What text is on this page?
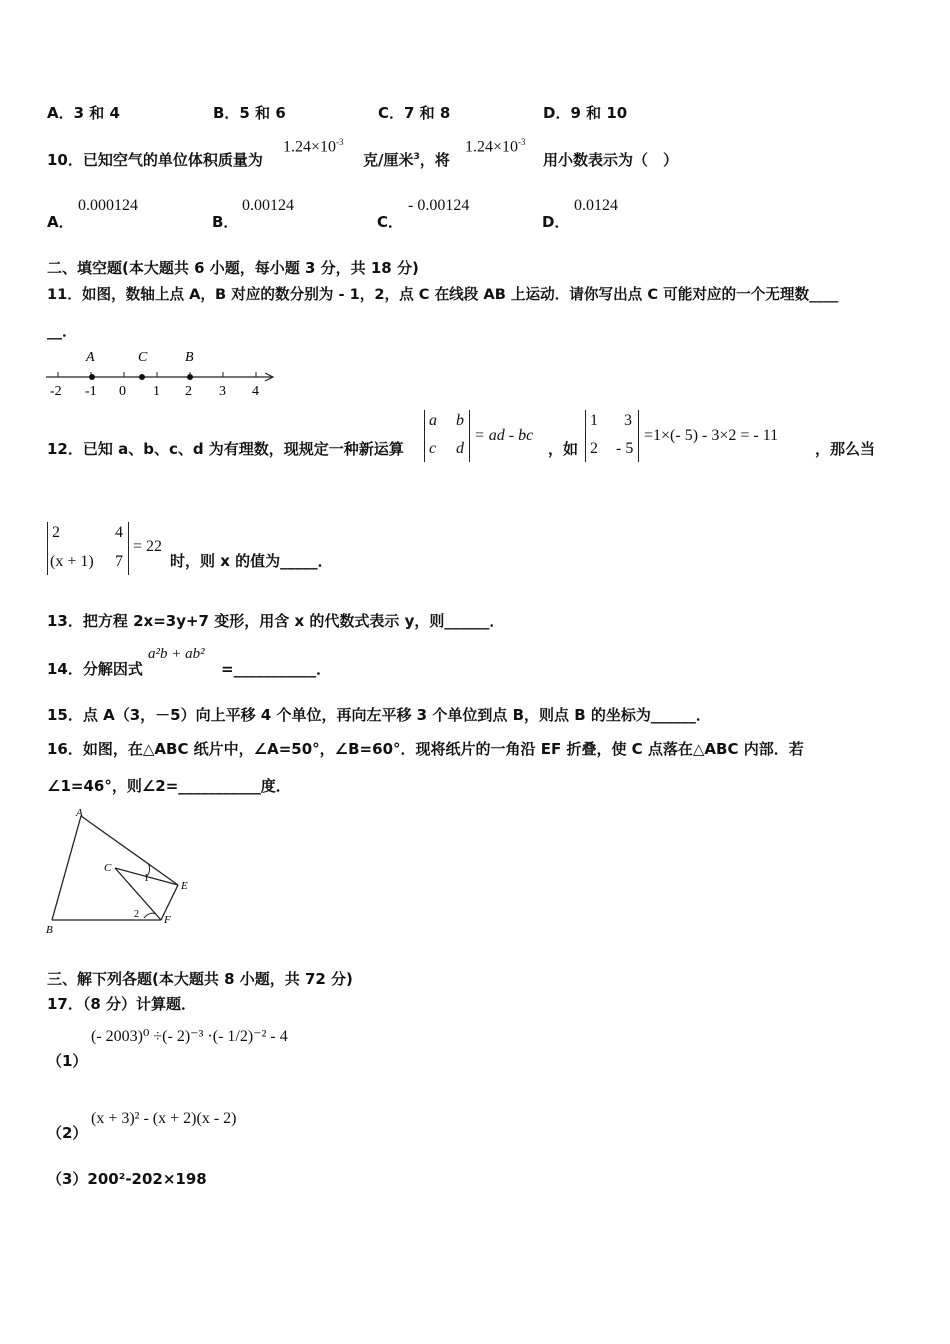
A．3 和 4	B．5 和 6	C．7 和 8	D．9 和 10
10．已知空气的单位体积质量为
$1.24\times 10^{-3}$
克/厘米$^3$，将
$1.24\times 10^{-3}$
用小数表示为（　）
A．
0.000124
B．
0.00124
C．
- 0.00124
D．
0.0124
二、填空题(本大题共 6 小题，每小题 3 分，共 18 分)
11．如图，数轴上点 A，B 对应的数分别为 - 1，2，点 C 在线段 AB 上运动．请你写出点 C 可能对应的一个无理数____
__．
A	C	B
-2 -1 0 1 2 3 4
12．已知 a、b、c、d 为有理数，现规定一种新运算
a b
c d
= ad - bc
，如
1 3
2 - 5
=1×(- 5) - 3×2 = - 11
，那么当
2	4
(x + 1) 7
= 22
时，则 x 的值为_____．
13．把方程 2x=3y+7 变形，用含 x 的代数式表示 y，则______．
14．分解因式
a²b + ab²
=___________．
15．点 A（3，－5）向上平移 4 个单位，再向左平移 3 个单位到点 B，则点 B 的坐标为______．
16．如图，在△ABC 纸片中，∠A=50°，∠B=60°．现将纸片的一角沿 EF 折叠，使 C 点落在△ABC 内部．若
∠1=46°，则∠2=___________度．
A
B
C
E
F
1
2
三、解下列各题(本大题共 8 小题，共 72 分)
17．（8 分）计算题．
（1）
(- 2003)⁰ ÷(- 2)⁻³ ·(- 1/2)⁻² - 4
（2）
(x + 3)² - (x + 2)(x - 2)
（3）200²-202×198
